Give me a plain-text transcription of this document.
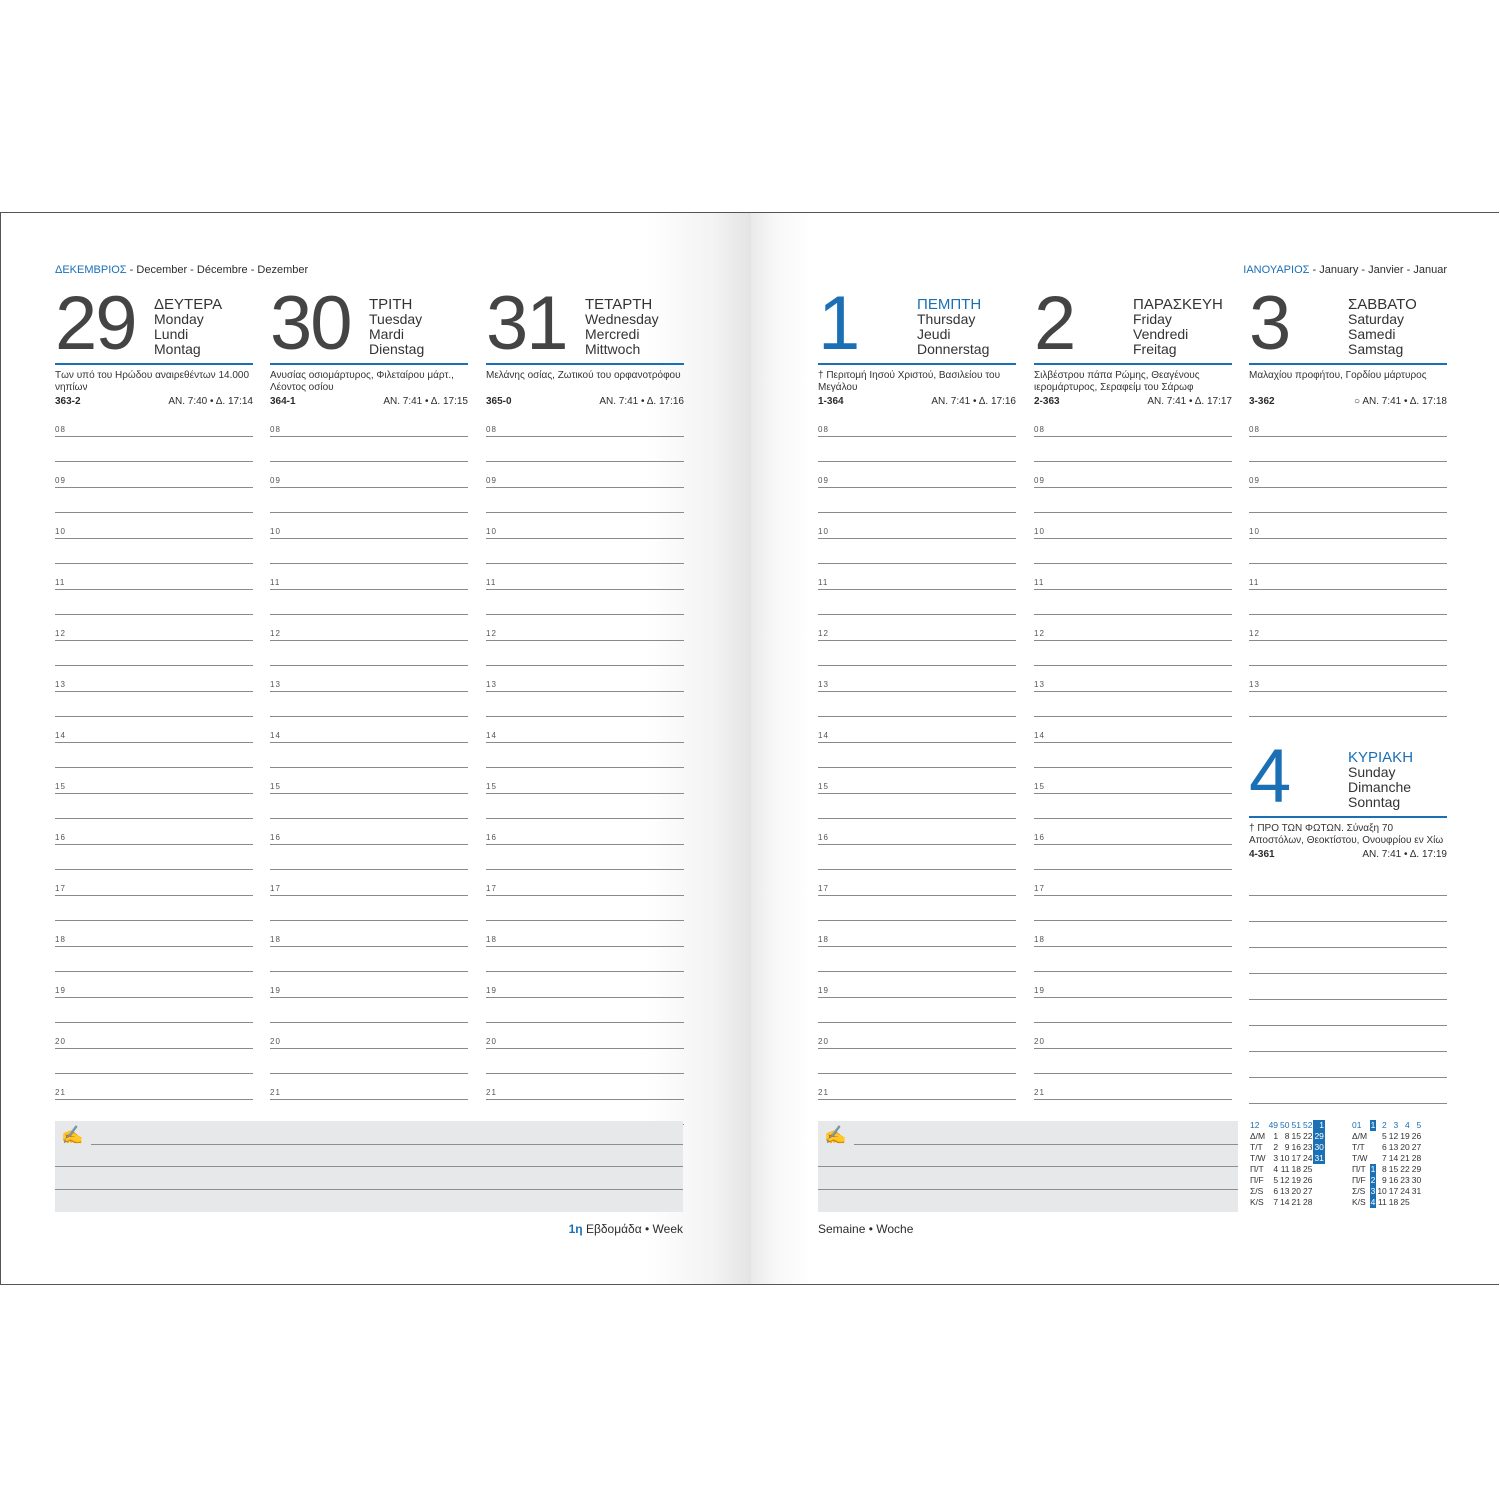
ΔΕΚΕΜΒΡΙΟΣ - December - Décembre - Dezember
29 ΔΕΥΤΕΡΑ
Monday
Lundi
Montag
Των υπό του Ηρώδου αναιρεθέντων 14.000 νηπίων
363-2	ΑΝ. 7:40 • Δ. 17:14
08
09
10
11
12
13
14
15
16
17
18
19
20
21
30 ΤΡΙΤΗ
Tuesday
Mardi
Dienstag
Ανυσίας οσιομάρτυρος, Φιλεταίρου μάρτ., Λέοντος οσίου
364-1	ΑΝ. 7:41 • Δ. 17:15
08
09
10
11
12
13
14
15
16
17
18
19
20
21
31 ΤΕΤΑΡΤΗ
Wednesday
Mercredi
Mittwoch
Μελάνης οσίας, Ζωτικού του ορφανοτρόφου
365-0	ΑΝ. 7:41 • Δ. 17:16
08
09
10
11
12
13
14
15
16
17
18
19
20
21
✍
1η Εβδομάδα • Week
ΙΑΝΟΥΑΡΙΟΣ - January - Janvier - Januar
1	ΠΕΜΠΤΗ
Thursday
Jeudi
Donnerstag
† Περιτομή Ιησού Χριστού, Βασιλείου του Μεγάλου
1-364	ΑΝ. 7:41 • Δ. 17:16
08
09
10
11
12
13
14
15
16
17
18
19
20
21
2	ΠΑΡΑΣΚΕΥΗ
Friday
Vendredi
Freitag
Σιλβέστρου πάπα Ρώμης, Θεαγένους ιερομάρτυρος, Σεραφείμ του Σάρωφ
2-363	ΑΝ. 7:41 • Δ. 17:17
08
09
10
11
12
13
14
15
16
17
18
19
20
21
3	ΣΑΒΒΑΤΟ
Saturday
Samedi
Samstag
Μαλαχίου προφήτου, Γορδίου μάρτυρος
3-362	○ ΑΝ. 7:41 • Δ. 17:18
08
09
10
11
12
13
4	ΚΥΡΙΑΚΗ
Sunday
Dimanche
Sonntag
† ΠΡΟ ΤΩΝ ΦΩΤΩΝ. Σύναξη 70 Αποστόλων, Θεοκτίστου, Ονουφρίου εν Χίω
4-361	ΑΝ. 7:41 • Δ. 17:19
✍	12	49	50	51	52	1
Δ/Μ	1	8	15	22	29
Τ/Τ	2	9	16	23	30
Τ/W	3	10	17	24	31
Π/Τ	4	11	18	25	
Π/F	5	12	19	26	
Σ/S	6	13	20	27	
Κ/S	7	14	21	28	
01	1	2	3	4	5
Δ/Μ		5	12	19	26
Τ/Τ		6	13	20	27
Τ/W		7	14	21	28
Π/Τ	1	8	15	22	29
Π/F	2	9	16	23	30
Σ/S	3	10	17	24	31
Κ/S	4	11	18	25	
Semaine • Woche
